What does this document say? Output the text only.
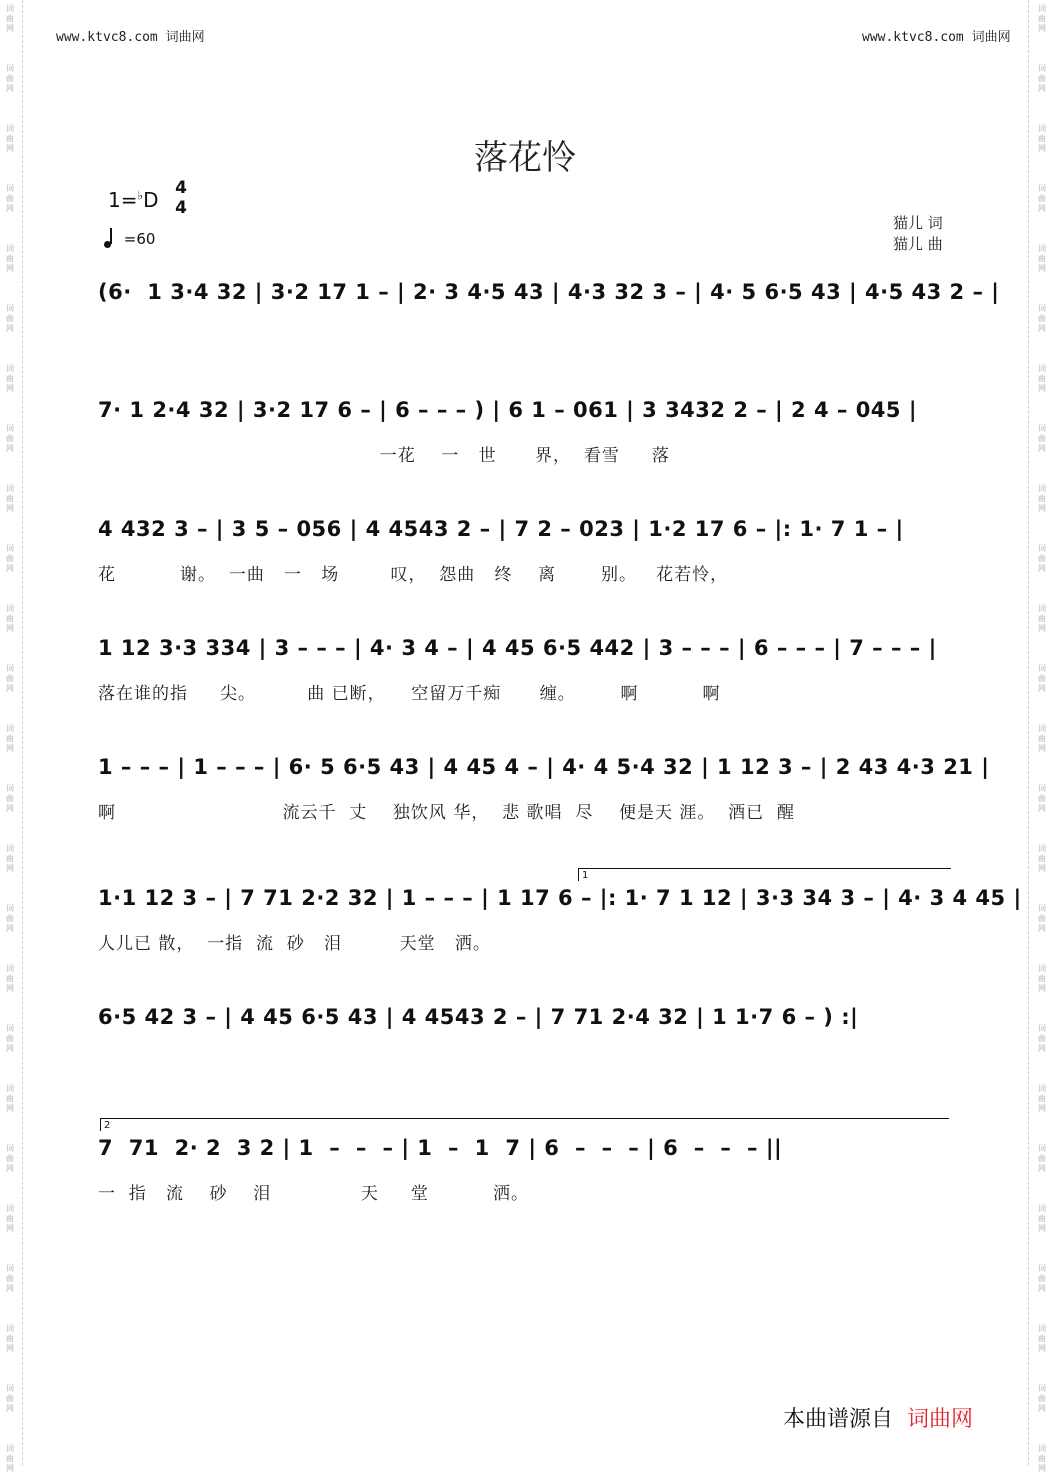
词
曲
网
词
曲
网
词
曲
网
词
曲
网
词
曲
网
词
曲
网
词
曲
网
词
曲
网
词
曲
网
词
曲
网
词
曲
网
词
曲
网
词
曲
网
词
曲
网
词
曲
网
词
曲
网
词
曲
网
词
曲
网
词
曲
网
词
曲
网
词
曲
网
词
曲
网
词
曲
网
词
曲
网
词
曲
网
词
曲
网
词
曲
网
词
曲
网
词
曲
网
词
曲
网
词
曲
网
词
曲
网
词
曲
网
词
曲
网
词
曲
网
词
曲
网
词
曲
网
词
曲
网
词
曲
网
词
曲
网
词
曲
网
词
曲
网
词
曲
网
词
曲
网
词
曲
网
词
曲
网
词
曲
网
词
曲
网
词
曲
网
词
曲
网
www.ktvc8.com 词曲网	www.ktvc8.com 词曲网
落花怜
1=♭D 4
4
=60
猫儿 词
猫儿 曲
(6·  1 3·4 32 | 3·2 17 1 – | 2· 3 4·5 43 | 4·3 32 3 – | 4· 5 6·5 43 | 4·5 43 2 – |
7· 1 2·4 32 | 3·2 17 6 – | 6 – – – ) | 6 1 – 061 | 3 3432 2 – | 2 4 – 045 |
一花    一   世      界，  看雪     落
4 432 3 – | 3 5 – 056 | 4 4543 2 – | 7 2 – 023 | 1·2 17 6 – |: 1· 7 1 – |
花          谢。  一曲   一   场        叹，  怨曲   终    离       别。   花若怜，
1 12 3·3 334 | 3 – – – | 4· 3 4 – | 4 45 6·5 442 | 3 – – – | 6 – – – | 7 – – – |
落在谁的指     尖。        曲 已断，    空留万千痴      缠。       啊          啊
1 – – – | 1 – – – | 6· 5 6·5 43 | 4 45 4 – | 4· 4 5·4 32 | 1 12 3 – | 2 43 4·3 21 |
啊                          流云千  丈    独饮风 华，  悲 歌唱  尽    便是天 涯。  酒已  醒
1
1·1 12 3 – | 7 71 2·2 32 | 1 – – – | 1 17 6 – |: 1· 7 1 12 | 3·3 34 3 – | 4· 3 4 45 |
人儿已 散，  一指  流  砂   泪         天堂   洒。
6·5 42 3 – | 4 45 6·5 43 | 4 4543 2 – | 7 71 2·4 32 | 1 1·7 6 – ) :|
2
7  71  2· 2  3 2 | 1  –  –  – | 1  –  1  7 | 6  –  –  – | 6  –  –  – ||
一  指   流    砂    泪              天     堂          洒。
本曲谱源自 词曲网
